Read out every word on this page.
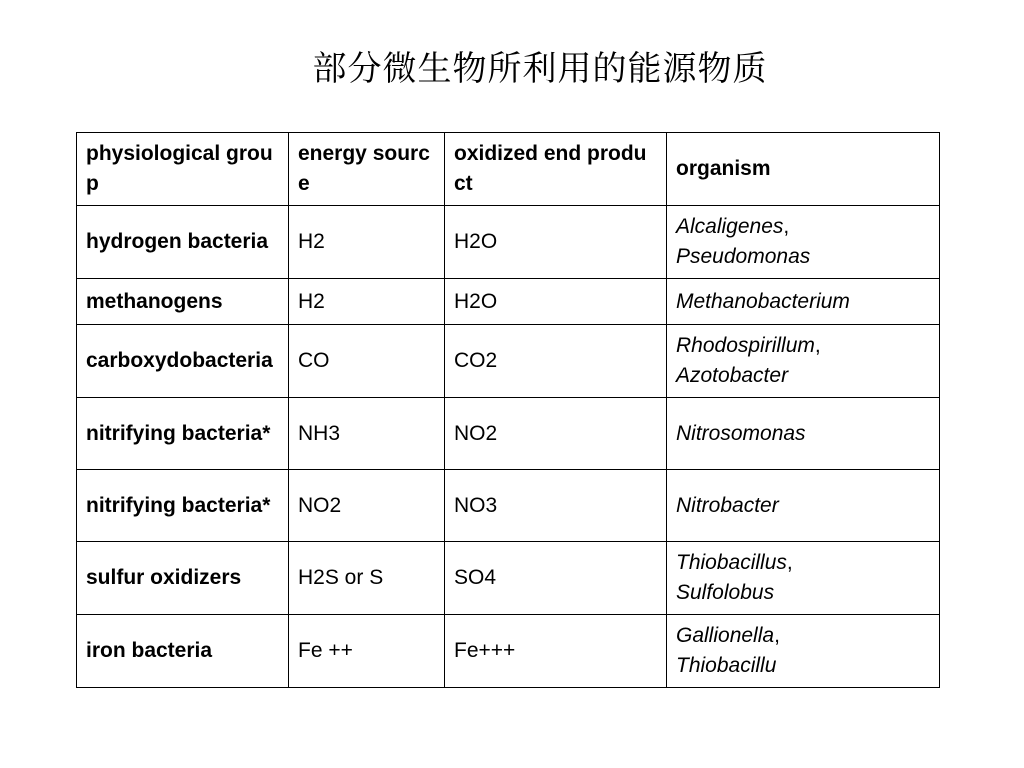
部分微生物所利用的能源物质
physiological group	energy source	oxidized end product	organism
hydrogen bacteria	H2	H2O	Alcaligenes,
Pseudomonas
methanogens	H2	H2O	Methanobacterium
carboxydobacteria	CO	CO2	Rhodospirillum,
Azotobacter
nitrifying bacteria*	NH3	NO2	Nitrosomonas
nitrifying bacteria*	NO2	NO3	Nitrobacter
sulfur oxidizers	H2S or S	SO4	Thiobacillus,
Sulfolobus
iron bacteria	Fe ++	Fe+++	Gallionella,
Thiobacillu
